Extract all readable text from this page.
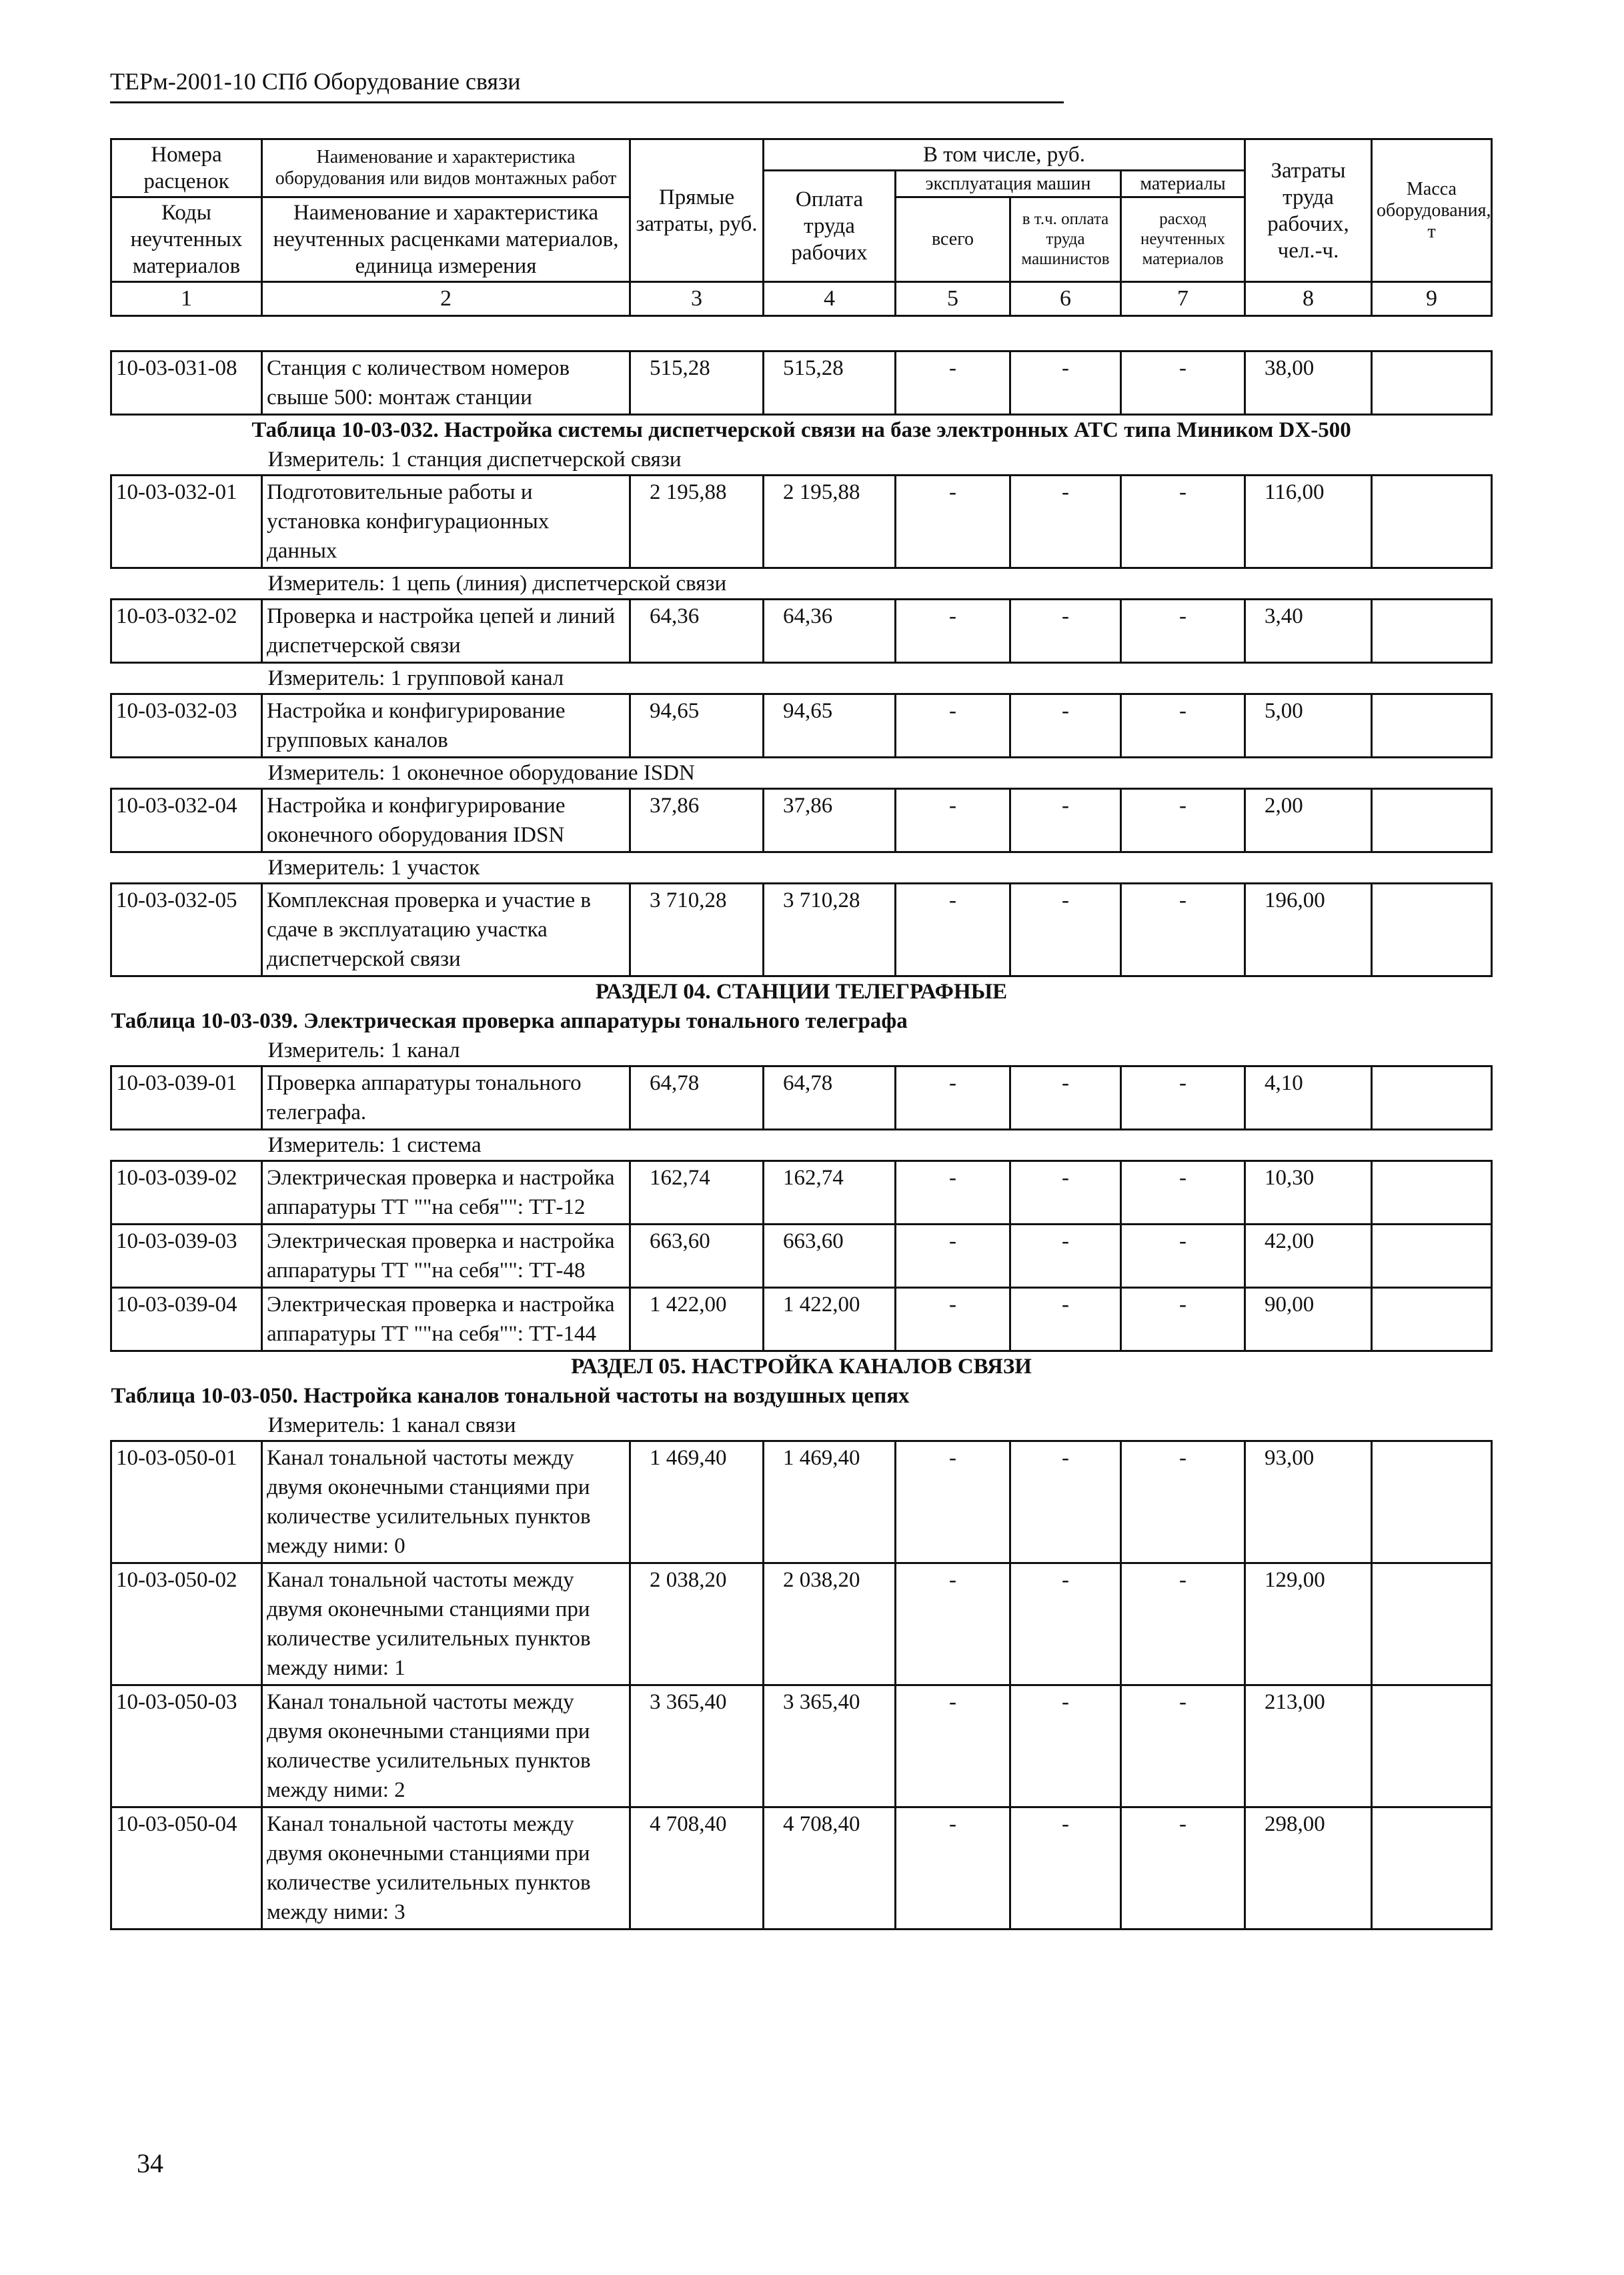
ТЕРм-2001-10 СПб Оборудование связи
Номера расценок	Наименование и характеристика оборудования или видов монтажных работ	Прямые затраты, руб.	В том числе, руб.				Затраты труда рабочих, чел.-ч.	Масса оборудования, т
			Оплата труда рабочих	эксплуатация машин		материалы		
Коды неучтенных материалов	Наименование и характеристика неучтенных расценками материалов, единица измерения			всего	в т.ч. оплата труда машинистов	расход неучтенных материалов		

1	2	3	4	5	6	7	8	9

10-03-031-08	Станция с количеством номеров свыше 500: монтаж станции	515,28	515,28	-	-	-	38,00	
Таблица 10-03-032. Настройка системы диспетчерской связи на базе электронных АТС типа Миником DX-500								
Измеритель: 1 станция диспетчерской связи								
10-03-032-01	Подготовительные работы и установка конфигурационных данных	2 195,88	2 195,88	-	-	-	116,00	
Измеритель: 1 цепь (линия) диспетчерской связи								
10-03-032-02	Проверка и настройка цепей и линий диспетчерской связи	64,36	64,36	-	-	-	3,40	
Измеритель: 1 групповой канал								
10-03-032-03	Настройка и конфигурирование групповых каналов	94,65	94,65	-	-	-	5,00	
Измеритель: 1 оконечное оборудование ISDN								
10-03-032-04	Настройка и конфигурирование оконечного оборудования IDSN	37,86	37,86	-	-	-	2,00	
Измеритель: 1 участок								
10-03-032-05	Комплексная проверка и участие в сдаче в эксплуатацию участка диспетчерской связи	3 710,28	3 710,28	-	-	-	196,00	
РАЗДЕЛ 04. СТАНЦИИ ТЕЛЕГРАФНЫЕ								
Таблица 10-03-039. Электрическая проверка аппаратуры тонального телеграфа								
Измеритель: 1 канал								
10-03-039-01	Проверка аппаратуры тонального телеграфа.	64,78	64,78	-	-	-	4,10	
Измеритель: 1 система								
10-03-039-02	Электрическая проверка и настройка аппаратуры ТТ ""на себя"": ТТ-12	162,74	162,74	-	-	-	10,30	
10-03-039-03	Электрическая проверка и настройка аппаратуры ТТ ""на себя"": ТТ-48	663,60	663,60	-	-	-	42,00	
10-03-039-04	Электрическая проверка и настройка аппаратуры ТТ ""на себя"": ТТ-144	1 422,00	1 422,00	-	-	-	90,00	
РАЗДЕЛ 05. НАСТРОЙКА КАНАЛОВ СВЯЗИ								
Таблица 10-03-050. Настройка каналов тональной частоты на воздушных цепях								
Измеритель: 1 канал связи								
10-03-050-01	Канал тональной частоты между двумя оконечными станциями при количестве усилительных пунктов между ними: 0	1 469,40	1 469,40	-	-	-	93,00	
10-03-050-02	Канал тональной частоты между двумя оконечными станциями при количестве усилительных пунктов между ними: 1	2 038,20	2 038,20	-	-	-	129,00	
10-03-050-03	Канал тональной частоты между двумя оконечными станциями при количестве усилительных пунктов между ними: 2	3 365,40	3 365,40	-	-	-	213,00	
10-03-050-04	Канал тональной частоты между двумя оконечными станциями при количестве усилительных пунктов между ними: 3	4 708,40	4 708,40	-	-	-	298,00	
34
